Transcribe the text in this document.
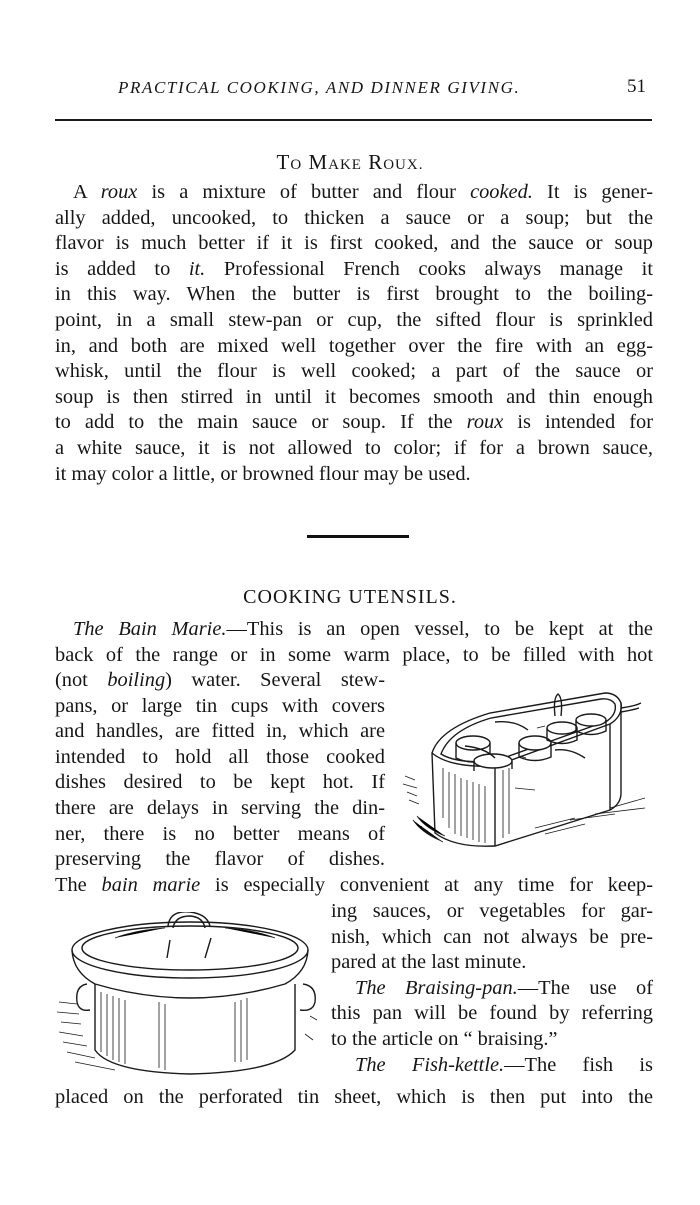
PRACTICAL COOKING, AND DINNER GIVING.	51
TO MAKE ROUX.
A roux is a mixture of butter and flour cooked. It is gener-
ally added, uncooked, to thicken a sauce or a soup; but the
flavor is much better if it is first cooked, and the sauce or soup
is added to it. Professional French cooks always manage it
in this way. When the butter is first brought to the boiling-
point, in a small stew-pan or cup, the sifted flour is sprinkled
in, and both are mixed well together over the fire with an egg-
whisk, until the flour is well cooked; a part of the sauce or
soup is then stirred in until it becomes smooth and thin enough
to add to the main sauce or soup. If the roux is intended for
a white sauce, it is not allowed to color; if for a brown sauce,
it may color a little, or browned flour may be used.
COOKING UTENSILS.
The Bain Marie.—This is an open vessel, to be kept at the
back of the range or in some warm place, to be filled with hot
(not boiling) water. Several stew-
pans, or large tin cups with covers
and handles, are fitted in, which are
intended to hold all those cooked
dishes desired to be kept hot. If
there are delays in serving the din-
ner, there is no better means of
preserving the flavor of dishes.
The bain marie is especially convenient at any time for keep-
ing sauces, or vegetables for gar-
nish, which can not always be pre-
pared at the last minute.
The Braising-pan.—The use of
this pan will be found by referring
to the article on “ braising.”
The Fish-kettle.—The fish is
placed on the perforated tin sheet, which is then put into the
